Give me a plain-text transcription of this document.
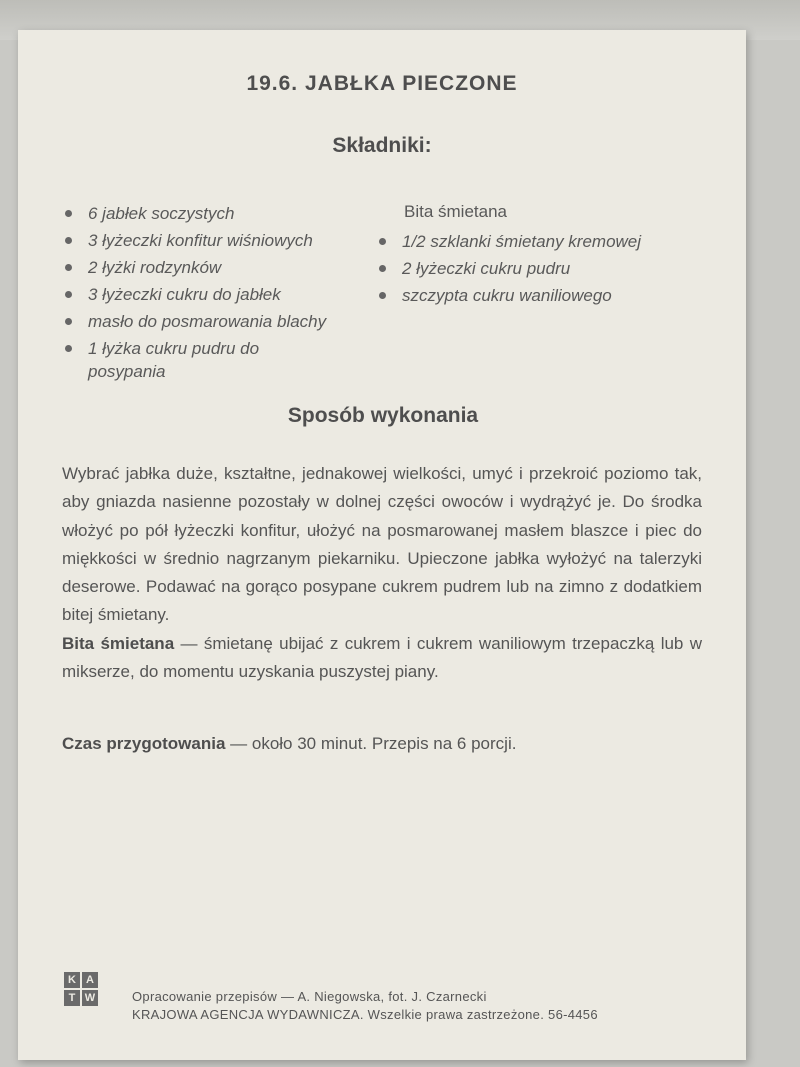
19.6. JABŁKA PIECZONE
Składniki:
6 jabłek soczystych
3 łyżeczki konfitur wiśniowych
2 łyżki rodzynków
3 łyżeczki cukru do jabłek
masło do posmarowania blachy
1 łyżka cukru pudru do posypania
Bita śmietana
1/2 szklanki śmietany kremowej
2 łyżeczki cukru pudru
szczypta cukru waniliowego
Sposób wykonania

Wybrać jabłka duże, kształtne, jednakowej wielkości, umyć i przekroić poziomo tak, aby gniazda nasienne pozostały w dolnej części owoców i wydrążyć je. Do środka włożyć po pół łyżeczki konfitur, ułożyć na posmarowanej masłem blaszce i piec do miękkości w średnio nagrzanym piekarniku. Upieczone jabłka wyłożyć na talerzyki deserowe. Podawać na gorąco posypane cukrem pudrem lub na zimno z dodatkiem bitej śmietany.

Bita śmietana — śmietanę ubijać z cukrem i cukrem waniliowym trzepaczką lub w mikserze, do momentu uzyskania puszystej piany.

Czas przygotowania — około 30 minut. Przepis na 6 porcji.
K A
T W	Opracowanie przepisów — A. Niegowska, fot. J. Czarnecki
KRAJOWA AGENCJA WYDAWNICZA. Wszelkie prawa zastrzeżone. 56-4456
